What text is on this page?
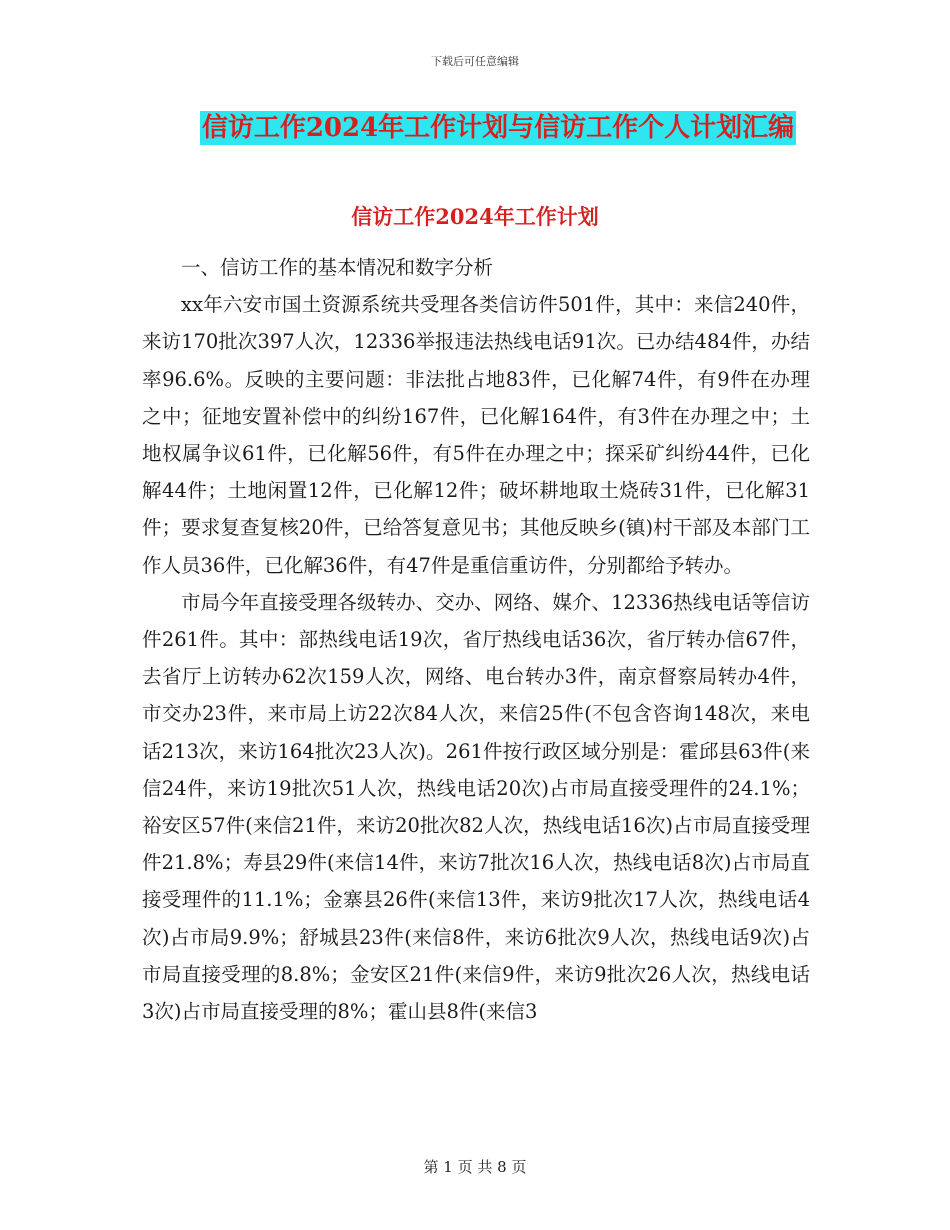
下载后可任意编辑
信访工作2024年工作计划与信访工作个人计划汇编
信访工作2024年工作计划

一、信访工作的基本情况和数字分析

xx年六安市国土资源系统共受理各类信访件501件，其中：来信240件，来访170批次397人次，12336举报违法热线电话91次。已办结484件，办结率96.6%。反映的主要问题：非法批占地83件，已化解74件，有9件在办理之中；征地安置补偿中的纠纷167件，已化解164件，有3件在办理之中；土地权属争议61件，已化解56件，有5件在办理之中；探采矿纠纷44件，已化解44件；土地闲置12件，已化解12件；破坏耕地取土烧砖31件，已化解31件；要求复查复核20件，已给答复意见书；其他反映乡(镇)村干部及本部门工作人员36件，已化解36件，有47件是重信重访件，分别都给予转办。

市局今年直接受理各级转办、交办、网络、媒介、12336热线电话等信访件261件。其中：部热线电话19次，省厅热线电话36次，省厅转办信67件，去省厅上访转办62次159人次，网络、电台转办3件，南京督察局转办4件，市交办23件，来市局上访22次84人次，来信25件(不包含咨询148次，来电话213次，来访164批次23人次)。261件按行政区域分别是：霍邱县63件(来信24件，来访19批次51人次，热线电话20次)占市局直接受理件的24.1%；裕安区57件(来信21件，来访20批次82人次，热线电话16次)占市局直接受理件21.8%；寿县29件(来信14件，来访7批次16人次，热线电话8次)占市局直接受理件的11.1%；金寨县26件(来信13件，来访9批次17人次，热线电话4次)占市局9.9%；舒城县23件(来信8件，来访6批次9人次，热线电话9次)占市局直接受理的8.8%；金安区21件(来信9件，来访9批次26人次，热线电话3次)占市局直接受理的8%；霍山县8件(来信3

第 1 页 共 8 页
